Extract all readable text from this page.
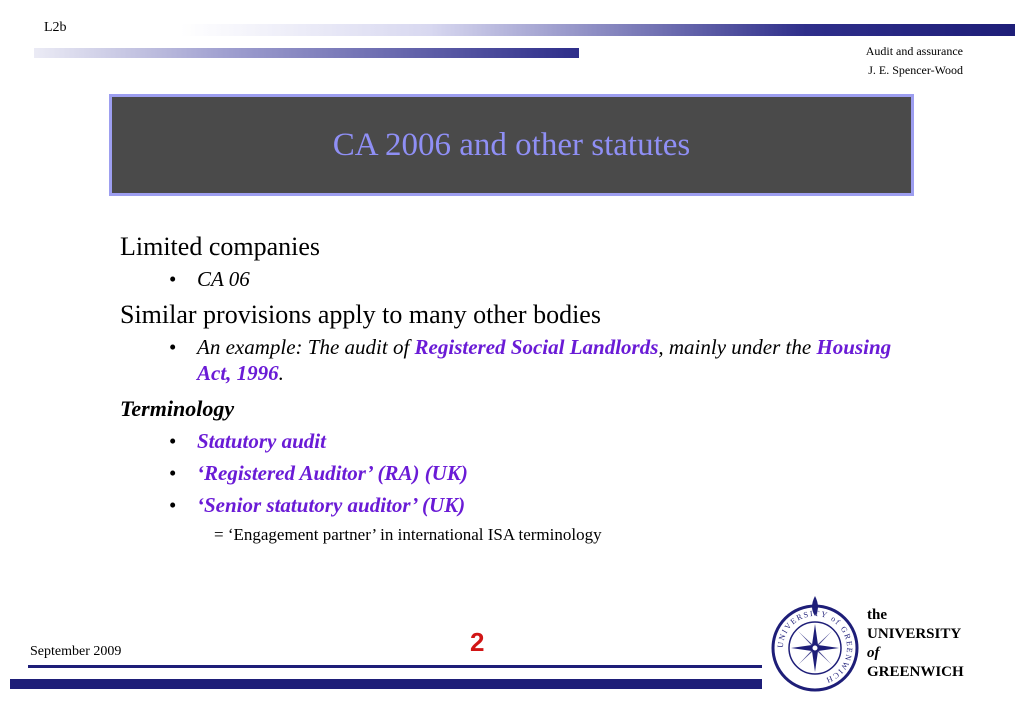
L2b
Audit and assurance
J. E. Spencer-Wood
CA 2006 and other statutes

Limited companies

• CA 06

Similar provisions apply to many other bodies

• An example: The audit of Registered Social Landlords, mainly under the Housing Act, 1996.

Terminology

• Statutory audit

• ‘Registered Auditor’ (RA) (UK)

• ‘Senior statutory auditor’ (UK)

= ‘Engagement partner’ in international ISA terminology

September 2009	2	UNIVERSITY of GREENWICH
the
UNIVERSITY
of
GREENWICH
